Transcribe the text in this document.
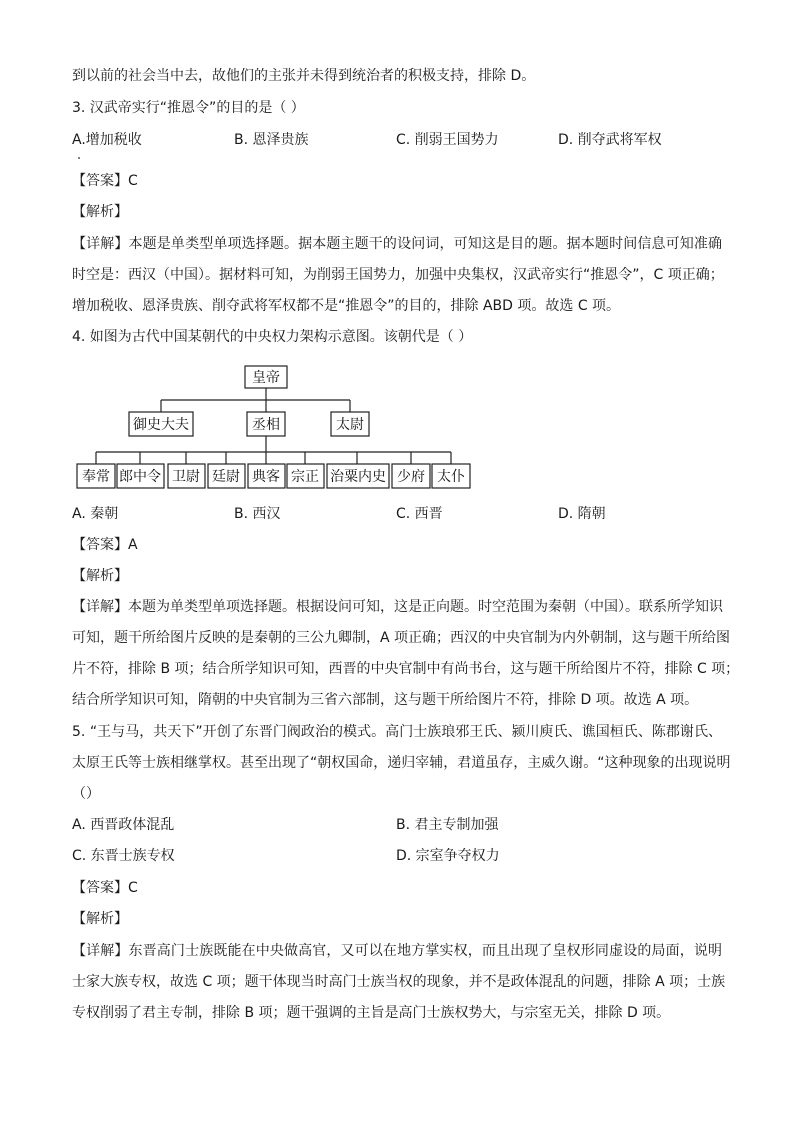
到以前的社会当中去，故他们的主张并未得到统治者的积极支持，排除 D。
3. 汉武帝实行“推恩令”的目的是（ ）
A.增加税收	B. 恩泽贵族	C. 削弱王国势力	D. 削夺武将军权
【答案】C
【解析】
【详解】本题是单类型单项选择题。据本题主题干的设问词，可知这是目的题。据本题时间信息可知准确
时空是：西汉（中国）。据材料可知，为削弱王国势力，加强中央集权，汉武帝实行“推恩令”，C 项正确；
增加税收、恩泽贵族、削夺武将军权都不是“推恩令”的目的，排除 ABD 项。故选 C 项。
4. 如图为古代中国某朝代的中央权力架构示意图。该朝代是（ ）
皇帝
御史大夫	丞相	太尉
奉常 郎中令 卫尉 廷尉 典客 宗正 治粟内史 少府 太仆
A. 秦朝	B. 西汉	C. 西晋	D. 隋朝
【答案】A
【解析】
【详解】本题为单类型单项选择题。根据设问可知，这是正向题。时空范围为秦朝（中国）。联系所学知识
可知，题干所给图片反映的是秦朝的三公九卿制，A 项正确；西汉的中央官制为内外朝制，这与题干所给图
片不符，排除 B 项；结合所学知识可知，西晋的中央官制中有尚书台，这与题干所给图片不符，排除 C 项；
结合所学知识可知，隋朝的中央官制为三省六部制，这与题干所给图片不符，排除 D 项。故选 A 项。
5. “王与马，共天下”开创了东晋门阀政治的模式。高门士族琅邪王氏、颍川庾氏、谯国桓氏、陈郡谢氏、
太原王氏等士族相继掌权。甚至出现了“朝权国命，递归宰辅，君道虽存，主威久谢。“这种现象的出现说明
（）
A. 西晋政体混乱	B. 君主专制加强
C. 东晋士族专权	D. 宗室争夺权力
【答案】C
【解析】
【详解】东晋高门士族既能在中央做高官，又可以在地方掌实权，而且出现了皇权形同虚设的局面，说明
士家大族专权，故选 C 项；题干体现当时高门士族当权的现象，并不是政体混乱的问题，排除 A 项；士族
专权削弱了君主专制，排除 B 项；题干强调的主旨是高门士族权势大，与宗室无关，排除 D 项。
